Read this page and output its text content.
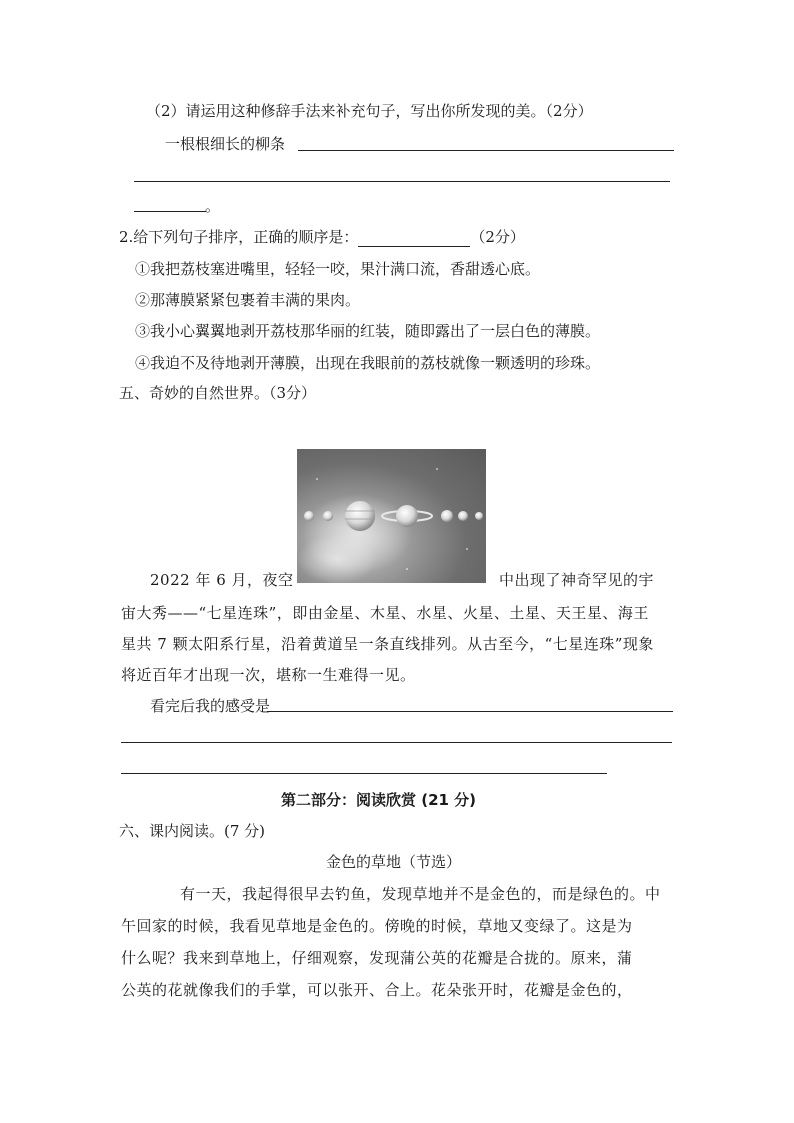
（2）请运用这种修辞手法来补充句子，写出你所发现的美。（2分）
一根根细长的柳条
。
2.给下列句子排序，正确的顺序是：	（2分）
①我把荔枝塞进嘴里，轻轻一咬，果汁满口流，香甜透心底。
②那薄膜紧紧包裹着丰满的果肉。
③我小心翼翼地剥开荔枝那华丽的红装，随即露出了一层白色的薄膜。
④我迫不及待地剥开薄膜，出现在我眼前的荔枝就像一颗透明的珍珠。
五、奇妙的自然世界。（3分）
2022 年 6 月，夜空	中出现了神奇罕见的宇
宙大秀——“七星连珠”，即由金星、木星、水星、火星、土星、天王星、海王
星共 7 颗太阳系行星，沿着黄道呈一条直线排列。从古至今，“七星连珠”现象
将近百年才出现一次，堪称一生难得一见。
看完后我的感受是
第二部分：阅读欣赏 (21 分)
六、课内阅读。(7 分)
金色的草地（节选）
有一天，我起得很早去钓鱼，发现草地并不是金色的，而是绿色的。中
午回家的时候，我看见草地是金色的。傍晚的时候，草地又变绿了。这是为
什么呢？我来到草地上，仔细观察，发现蒲公英的花瓣是合拢的。原来，蒲
公英的花就像我们的手掌，可以张开、合上。花朵张开时，花瓣是金色的，
